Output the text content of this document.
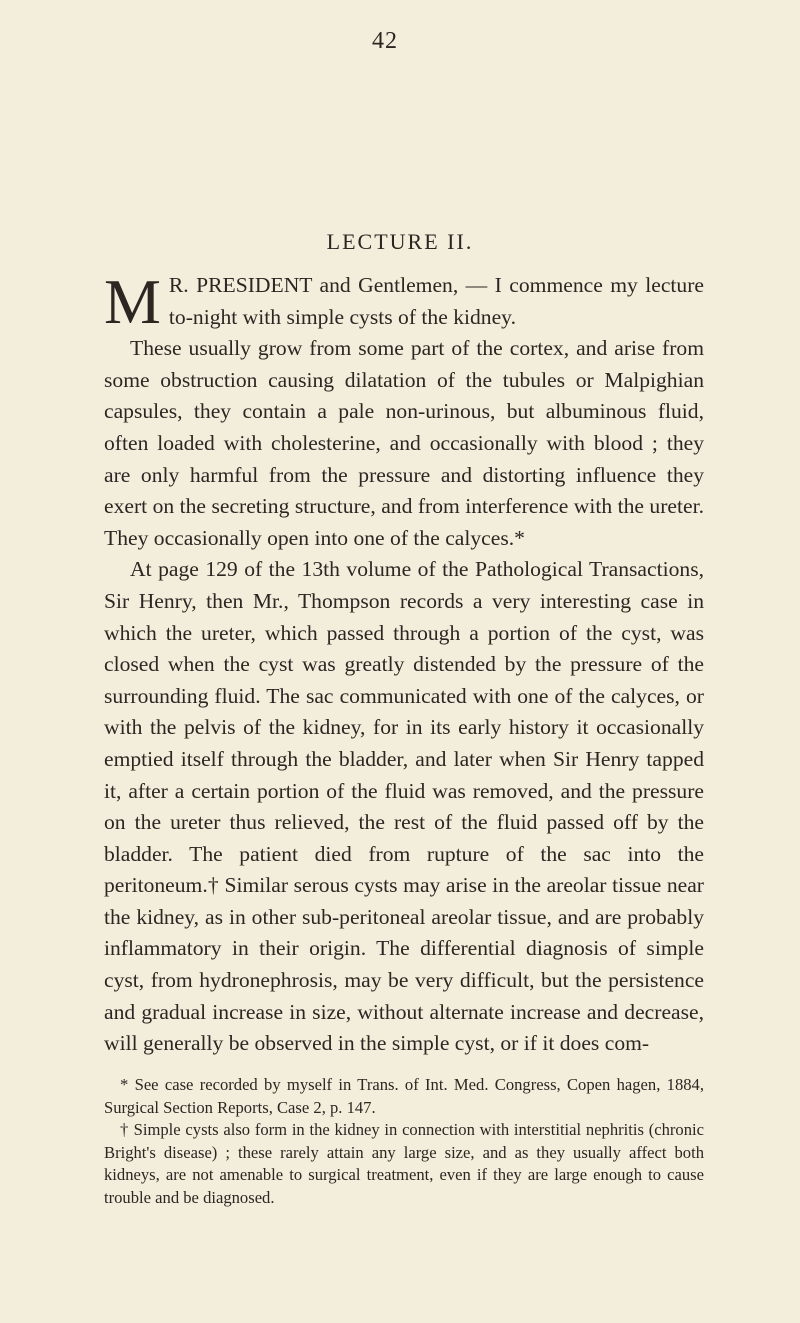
42
LECTURE II.

M R. PRESIDENT and Gentlemen, — I commence my lecture to-night with simple cysts of the kidney.

These usually grow from some part of the cortex, and arise from some obstruction causing dilatation of the tubules or Malpighian capsules, they contain a pale non-urinous, but albuminous fluid, often loaded with cholesterine, and occasionally with blood ; they are only harmful from the pressure and distorting influence they exert on the secreting structure, and from interference with the ureter. They occasionally open into one of the calyces.*

At page 129 of the 13th volume of the Pathological Transactions, Sir Henry, then Mr., Thompson records a very interesting case in which the ureter, which passed through a portion of the cyst, was closed when the cyst was greatly distended by the pressure of the surrounding fluid. The sac communicated with one of the calyces, or with the pelvis of the kidney, for in its early history it occasionally emptied itself through the bladder, and later when Sir Henry tapped it, after a certain portion of the fluid was removed, and the pressure on the ureter thus relieved, the rest of the fluid passed off by the bladder. The patient died from rupture of the sac into the peritoneum.† Similar serous cysts may arise in the areolar tissue near the kidney, as in other sub-peritoneal areolar tissue, and are probably inflammatory in their origin. The differential diagnosis of simple cyst, from hydronephrosis, may be very difficult, but the persistence and gradual increase in size, without alternate increase and decrease, will generally be observed in the simple cyst, or if it does com-

* See case recorded by myself in Trans. of Int. Med. Congress, Copen hagen, 1884, Surgical Section Reports, Case 2, p. 147.

† Simple cysts also form in the kidney in connection with interstitial nephritis (chronic Bright's disease) ; these rarely attain any large size, and as they usually affect both kidneys, are not amenable to surgical treatment, even if they are large enough to cause trouble and be diagnosed.
